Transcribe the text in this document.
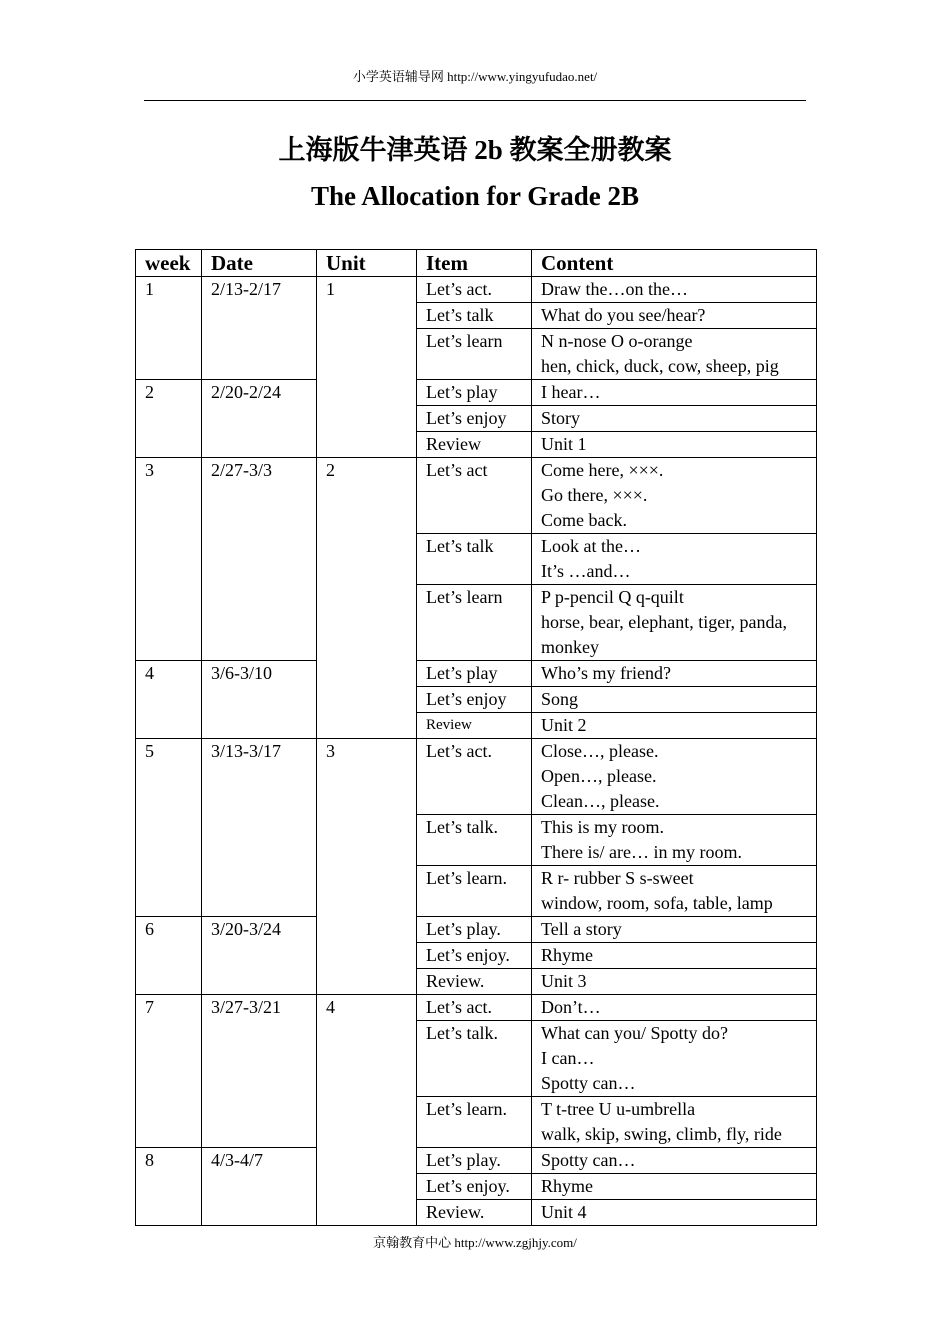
小学英语辅导网 http://www.yingyufudao.net/
上海版牛津英语 2b 教案全册教案
The Allocation for Grade 2B
week	Date	Unit	Item	Content
1	2/13-2/17	1	Let’s act.	Draw the…on the…

			Let’s talk	What do you see/hear?

			Let’s learn	N n-nose O o-orange
hen, chick, duck, cow, sheep, pig

2	2/20-2/24		Let’s play	I hear…

			Let’s enjoy	Story

			Review	Unit 1

3	2/27-3/3	2	Let’s act	Come here, ×××.
Go there, ×××.
Come back.

			Let’s talk	Look at the…
It’s …and…

			Let’s learn	P p-pencil Q q-quilt
horse, bear, elephant, tiger, panda,
monkey

4	3/6-3/10		Let’s play	Who’s my friend?

			Let’s enjoy	Song

			Review	Unit 2

5	3/13-3/17	3	Let’s act.	Close…, please.
Open…, please.
Clean…, please.

			Let’s talk.	This is my room.
There is/ are… in my room.

			Let’s learn.	R r- rubber S s-sweet
window, room, sofa, table, lamp

6	3/20-3/24		Let’s play.	Tell a story

			Let’s enjoy.	Rhyme

			Review.	Unit 3

7	3/27-3/21	4	Let’s act.	Don’t…

			Let’s talk.	What can you/ Spotty do?
I can…
Spotty can…

			Let’s learn.	T t-tree U u-umbrella
walk, skip, swing, climb, fly, ride

8	4/3-4/7		Let’s play.	Spotty can…

			Let’s enjoy.	Rhyme

			Review.	Unit 4
京翰教育中心 http://www.zgjhjy.com/
